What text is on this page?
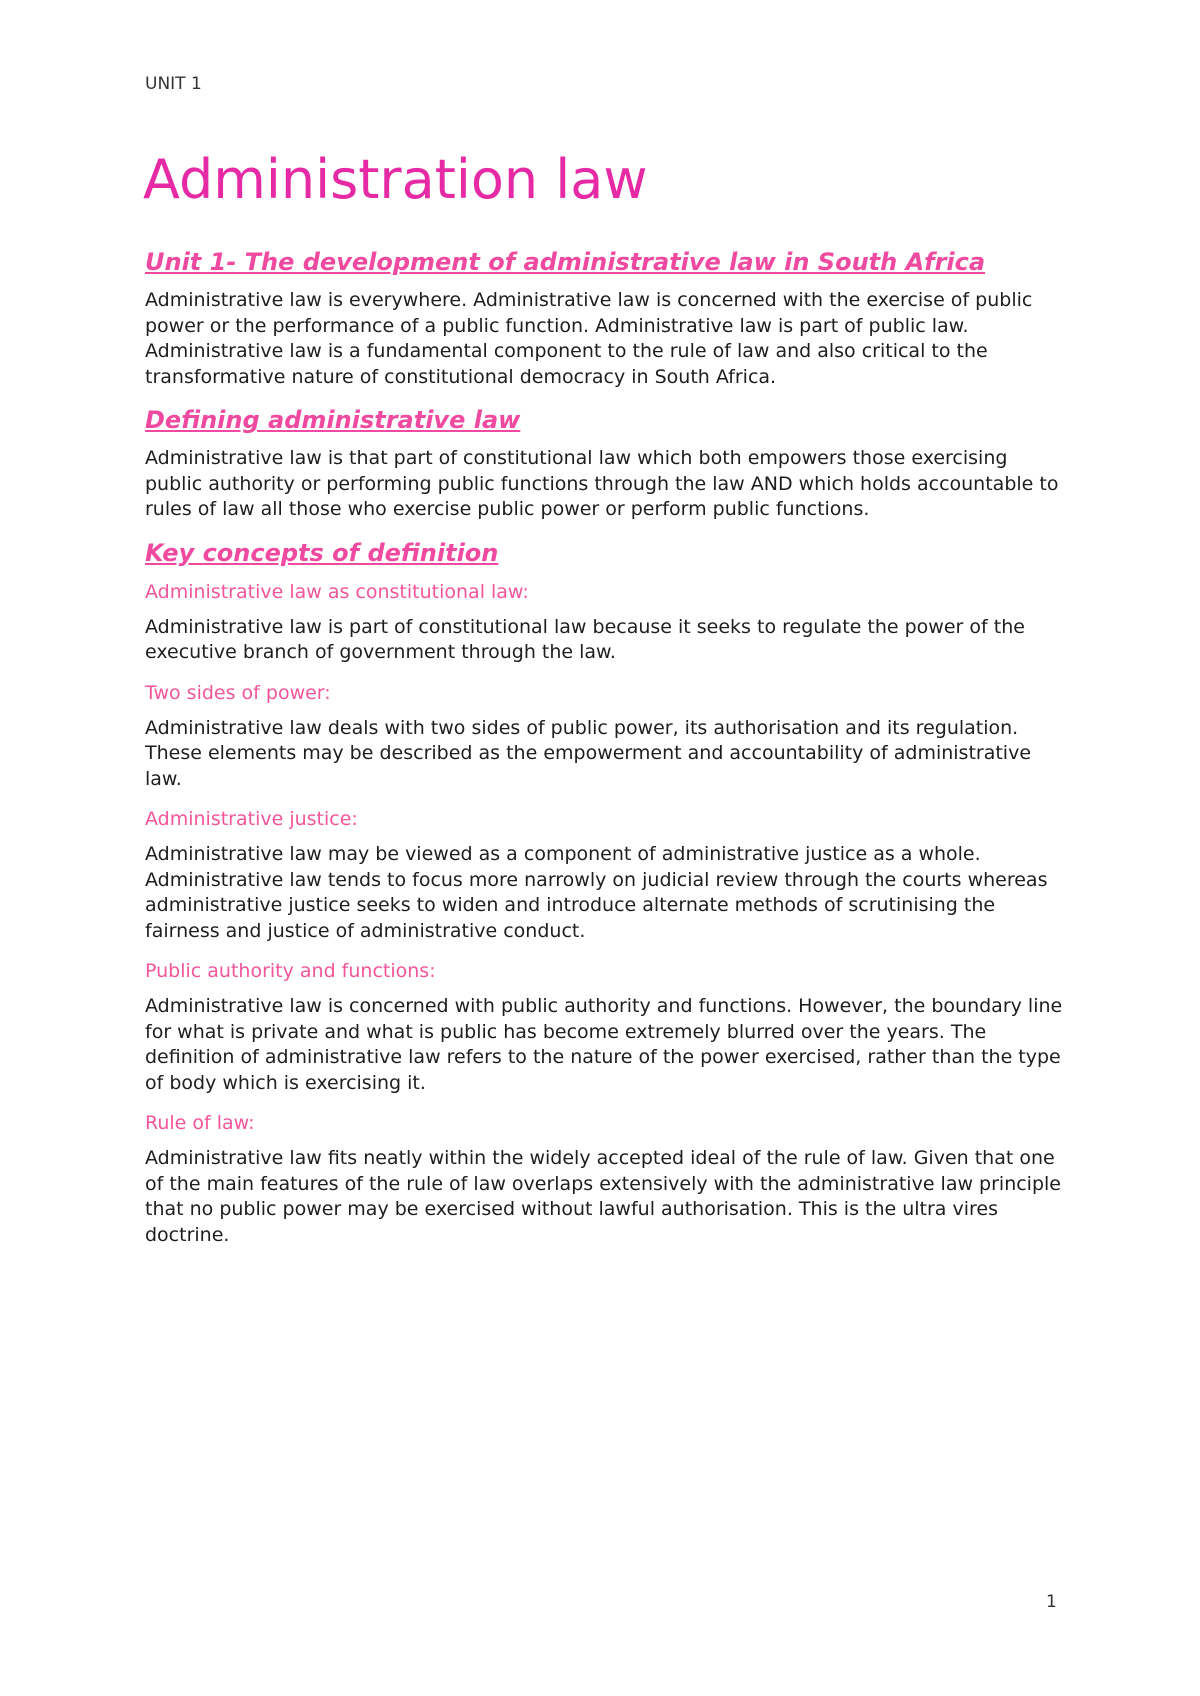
UNIT 1
Administration law
Unit 1- The development of administrative law in South Africa

Administrative law is everywhere. Administrative law is concerned with the exercise of public power or the performance of a public function. Administrative law is part of public law. Administrative law is a fundamental component to the rule of law and also critical to the transformative nature of constitutional democracy in South Africa.

Defining administrative law

Administrative law is that part of constitutional law which both empowers those exercising public authority or performing public functions through the law AND which holds accountable to rules of law all those who exercise public power or perform public functions.

Key concepts of definition
Administrative law as constitutional law:

Administrative law is part of constitutional law because it seeks to regulate the power of the executive branch of government through the law.

Two sides of power:

Administrative law deals with two sides of public power, its authorisation and its regulation. These elements may be described as the empowerment and accountability of administrative law.

Administrative justice:

Administrative law may be viewed as a component of administrative justice as a whole. Administrative law tends to focus more narrowly on judicial review through the courts whereas administrative justice seeks to widen and introduce alternate methods of scrutinising the fairness and justice of administrative conduct.

Public authority and functions:

Administrative law is concerned with public authority and functions. However, the boundary line for what is private and what is public has become extremely blurred over the years. The definition of administrative law refers to the nature of the power exercised, rather than the type of body which is exercising it.

Rule of law:

Administrative law fits neatly within the widely accepted ideal of the rule of law. Given that one of the main features of the rule of law overlaps extensively with the administrative law principle that no public power may be exercised without lawful authorisation. This is the ultra vires doctrine.

1
